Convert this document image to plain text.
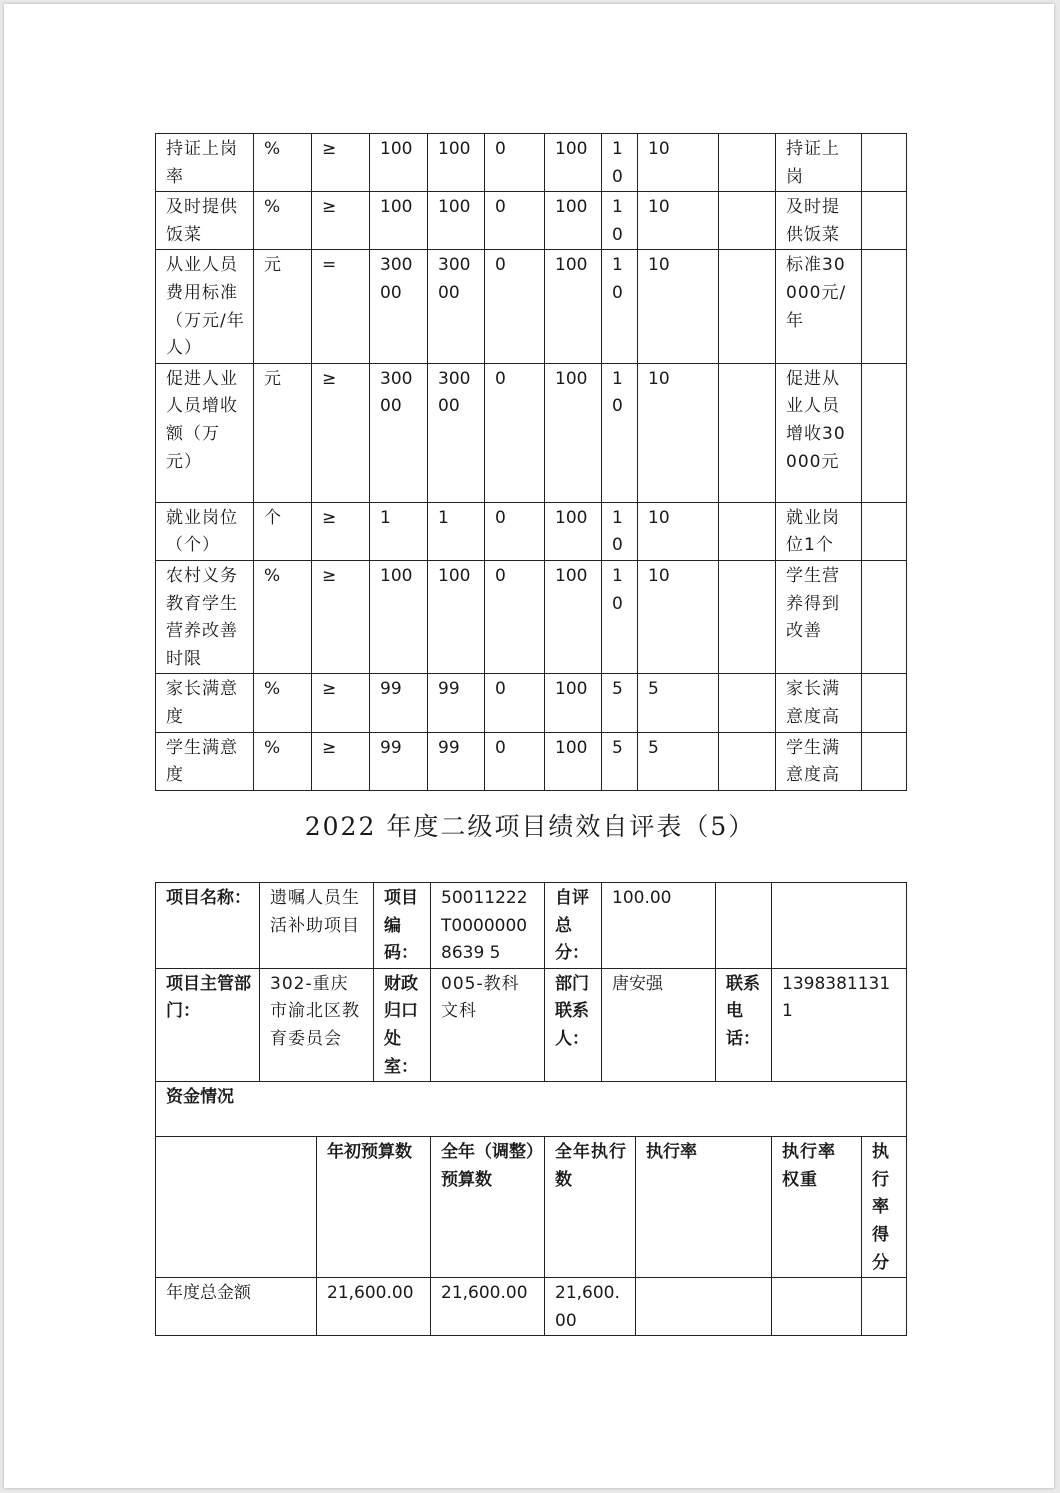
持证上岗率	%	≥	100	100	0	100	10	10		持证上岗	
及时提供饭菜	%	≥	100	100	0	100	10	10		及时提供饭菜	
从业人员费用标准（万元/年人）	元	=	30000	30000	0	100	10	10		标准30000元/年	
促进人业人员增收额（万元）	元	≥	30000	30000	0	100	10	10		促进从业人员增收30000元	
就业岗位（个）	个	≥	1	1	0	100	10	10		就业岗位1个	
农村义务教育学生营养改善时限	%	≥	100	100	0	100	10	10		学生营养得到改善	
家长满意度	%	≥	99	99	0	100	5	5		家长满意度高	
学生满意度	%	≥	99	99	0	100	5	5		学生满意度高	
2022 年度二级项目绩效自评表（5）
项目名称：	遗嘱人员生活补助项目		项目编码：	50011222T00000008639 5	自评总分：	100.00				
项目主管部门：	302-重庆市渝北区教育委员会		财政归口处室：	005-教科文科	部门联系人：	唐安强		联系电话：	13983811311	
资金情况										
		年初预算数		全年（调整）预算数	全年执行数		执行率		执行率权重	执行率得分
年度总金额		21,600.00		21,600.00	21,600.00					
